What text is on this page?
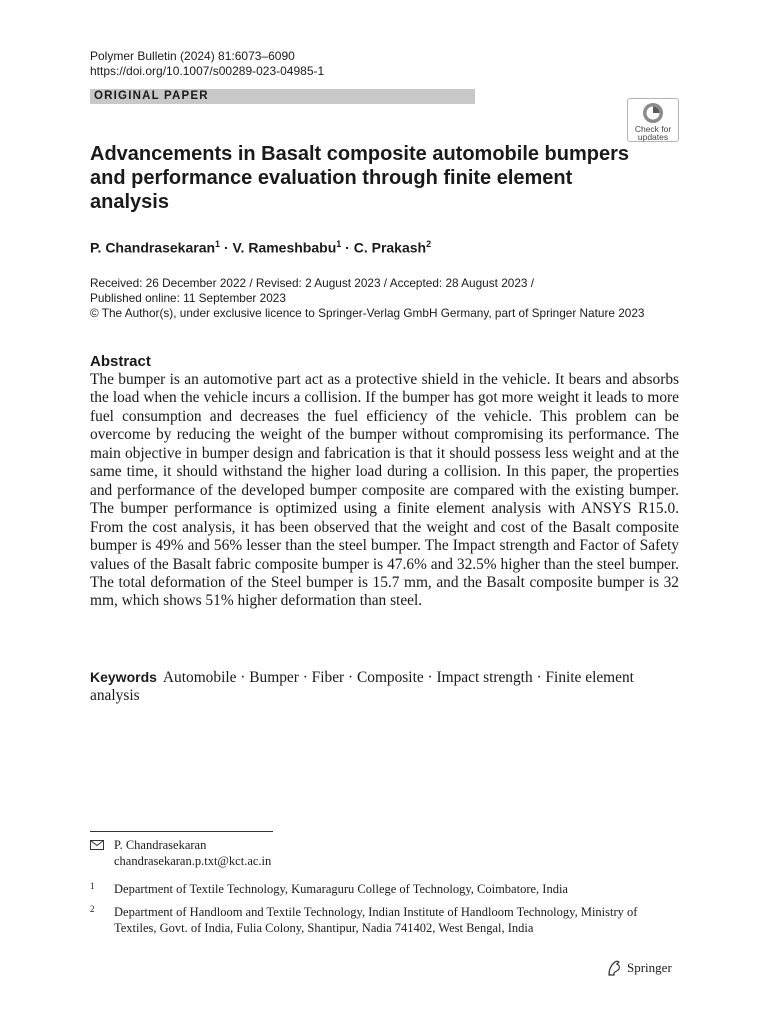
Polymer Bulletin (2024) 81:6073–6090
https://doi.org/10.1007/s00289-023-04985-1
ORIGINAL PAPER
Check for updates
Advancements in Basalt composite automobile bumpers and performance evaluation through finite element analysis
P. Chandrasekaran$^1$ · V. Rameshbabu$^1$ · C. Prakash$^2$
Received: 26 December 2022 / Revised: 2 August 2023 / Accepted: 28 August 2023 /
Published online: 11 September 2023
© The Author(s), under exclusive licence to Springer-Verlag GmbH Germany, part of Springer Nature 2023
Abstract

The bumper is an automotive part act as a protective shield in the vehicle. It bears and absorbs the load when the vehicle incurs a collision. If the bumper has got more weight it leads to more fuel consumption and decreases the fuel efficiency of the vehicle. This problem can be overcome by reducing the weight of the bumper without compromising its performance. The main objective in bumper design and fabrication is that it should possess less weight and at the same time, it should withstand the higher load during a collision. In this paper, the properties and performance of the developed bumper composite are compared with the existing bumper. The bumper performance is optimized using a finite element analysis with ANSYS R15.0. From the cost analysis, it has been observed that the weight and cost of the Basalt composite bumper is 49% and 56% lesser than the steel bumper. The Impact strength and Factor of Safety values of the Basalt fabric composite bumper is 47.6% and 32.5% higher than the steel bumper. The total deformation of the Steel bumper is 15.7 mm, and the Basalt composite bumper is 32 mm, which shows 51% higher deformation than steel.

Keywords Automobile · Bumper · Fiber · Composite · Impact strength · Finite element analysis
P. Chandrasekaran
chandrasekaran.p.txt@kct.ac.in
1 Department of Textile Technology, Kumaraguru College of Technology, Coimbatore, India
2 Department of Handloom and Textile Technology, Indian Institute of Handloom Technology, Ministry of Textiles, Govt. of India, Fulia Colony, Shantipur, Nadia 741402, West Bengal, India
Springer
